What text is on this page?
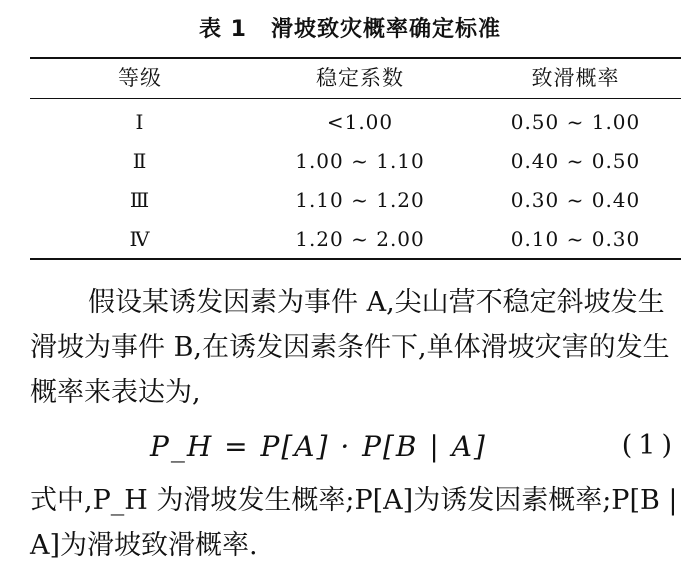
表 1 滑坡致灾概率确定标准
等级	稳定系数	致滑概率
Ⅰ	<1.00	0.50 ~ 1.00
Ⅱ	1.00 ~ 1.10	0.40 ~ 0.50
Ⅲ	1.10 ~ 1.20	0.30 ~ 0.40
Ⅳ	1.20 ~ 2.00	0.10 ~ 0.30

假设某诱发因素为事件 A,尖山营不稳定斜坡发生滑坡为事件 B,在诱发因素条件下,单体滑坡灾害的发生概率来表达为,

P_H = P[A] · P[B | A]	(1)

式中,P_H 为滑坡发生概率;P[A]为诱发因素概率;P[B | A]为滑坡致滑概率.
